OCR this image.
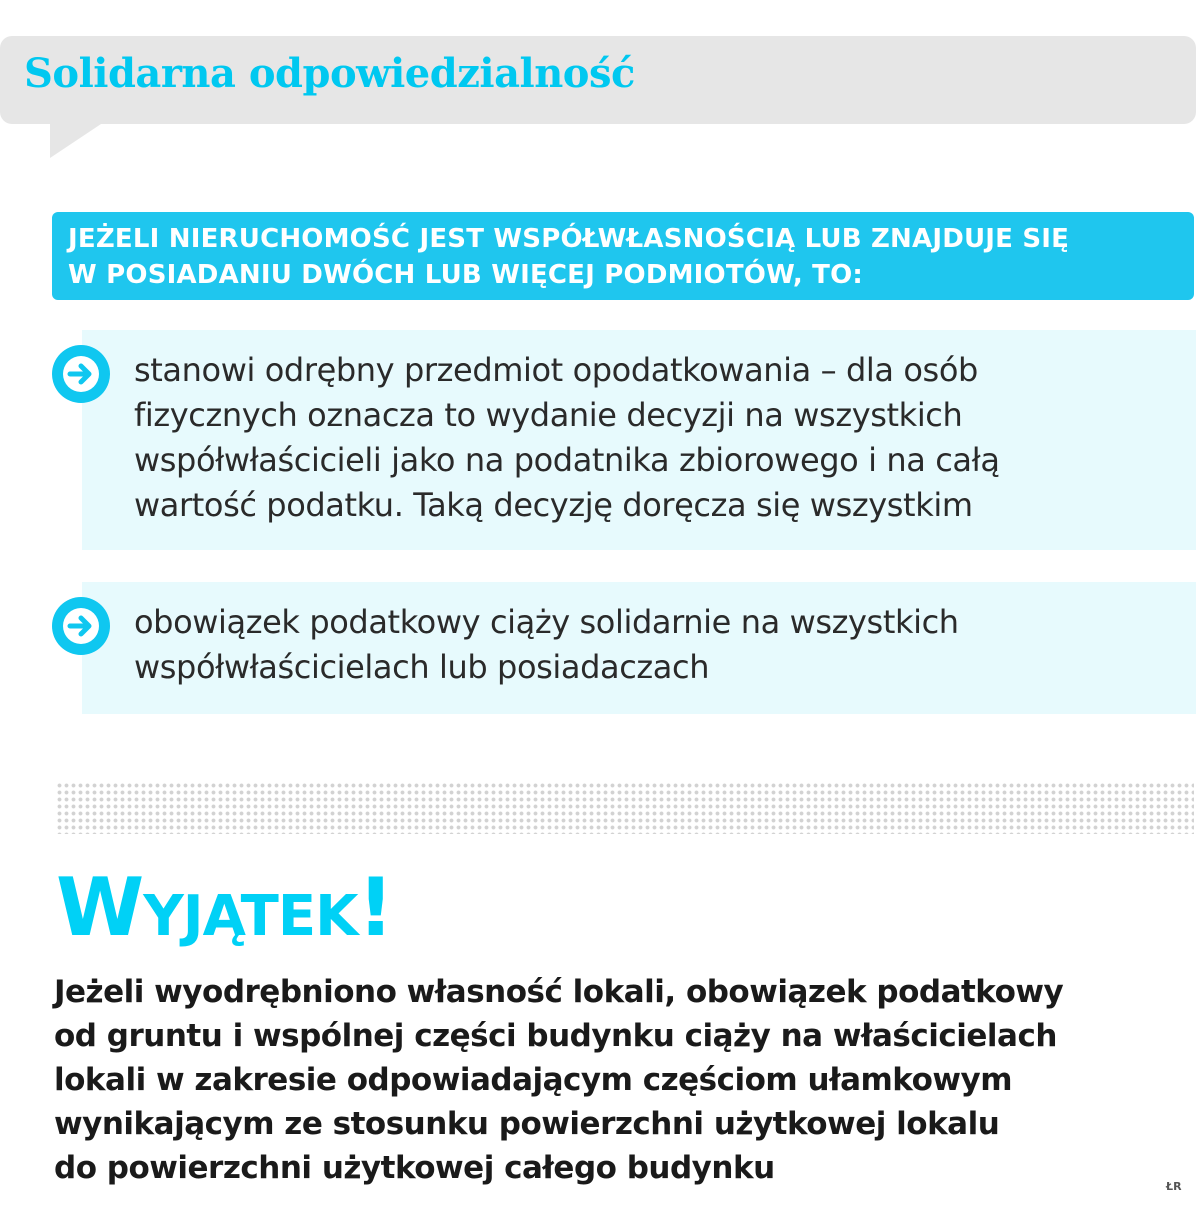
Solidarna odpowiedzialność
JEŻELI NIERUCHOMOŚĆ JEST WSPÓŁWŁASNOŚCIĄ LUB ZNAJDUJE SIĘ
W POSIADANIU DWÓCH LUB WIĘCEJ PODMIOTÓW, TO:
stanowi odrębny przedmiot opodatkowania – dla osób
fizycznych oznacza to wydanie decyzji na wszystkich
współwłaścicieli jako na podatnika zbiorowego i na całą
wartość podatku. Taką decyzję doręcza się wszystkim
obowiązek podatkowy ciąży solidarnie na wszystkich
współwłaścicielach lub posiadaczach
Wyjątek!
Jeżeli wyodrębniono własność lokali, obowiązek podatkowy
od gruntu i wspólnej części budynku ciąży na właścicielach
lokali w zakresie odpowiadającym częściom ułamkowym
wynikającym ze stosunku powierzchni użytkowej lokalu
do powierzchni użytkowej całego budynku
ŁR
